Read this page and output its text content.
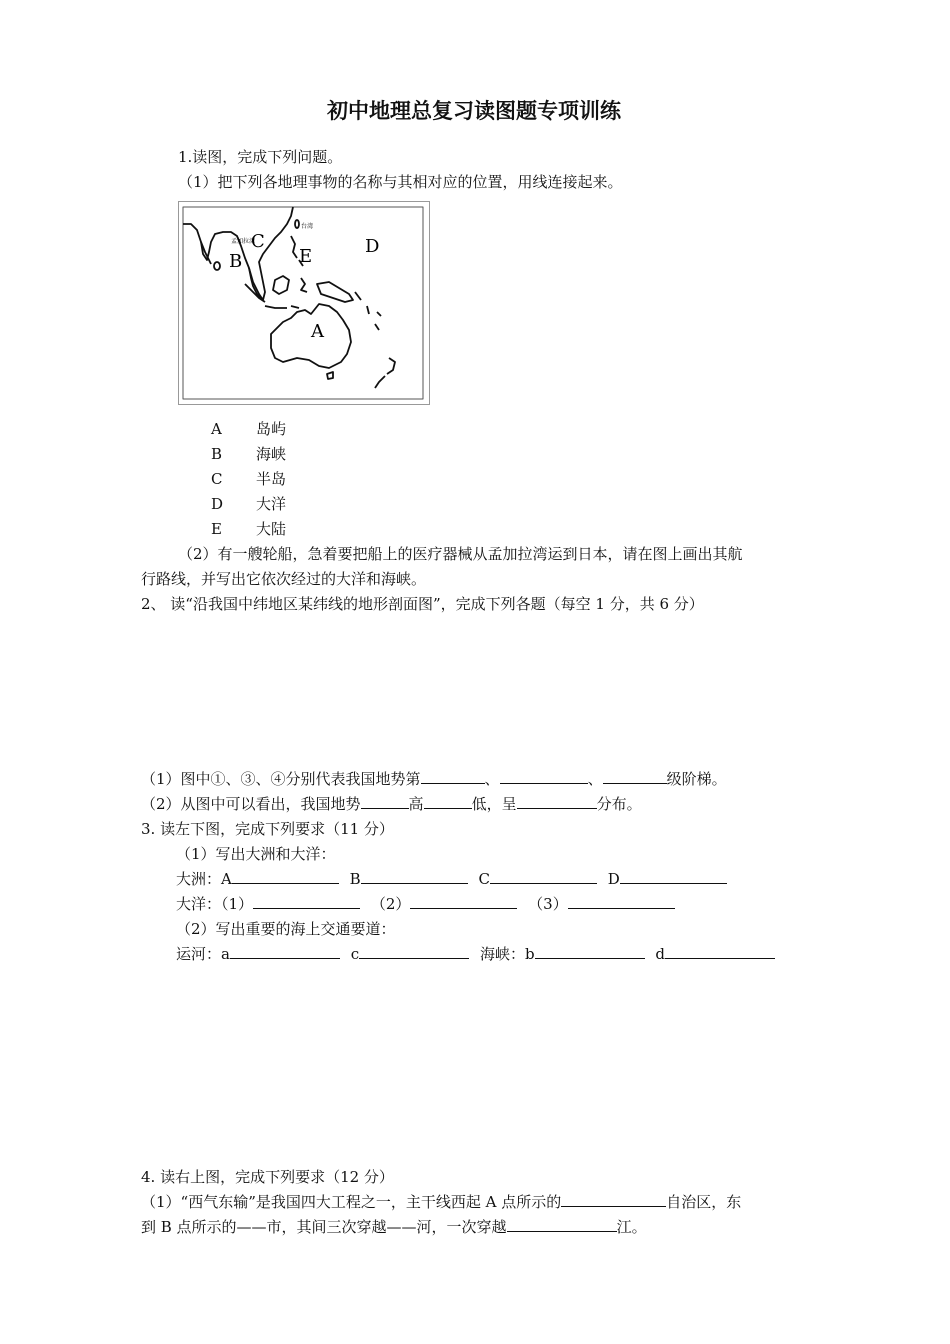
初中地理总复习读图题专项训练
1.读图，完成下列问题。
（1）把下列各地理事物的名称与其相对应的位置，用线连接起来。
孟加拉湾
台湾
B
C	D
E
A
A 岛屿
B 海峡
C 半岛
D 大洋
E 大陆
（2）有一艘轮船，急着要把船上的医疗器械从孟加拉湾运到日本，请在图上画出其航
行路线，并写出它依次经过的大洋和海峡。
2、 读“沿我国中纬地区某纬线的地形剖面图”，完成下列各题（每空 1 分，共 6 分）
（1）图中①、③、④分别代表我国地势第	、	、	级阶梯。
（2）从图中可以看出，我国地势	高	低，呈	分布。
3. 读左下图，完成下列要求（11 分）
（1）写出大洲和大洋：
大洲：A	B	C	D
大洋：（1）	（2）	（3）
（2）写出重要的海上交通要道：
运河：a	c	海峡：b	d
4. 读右上图，完成下列要求（12 分）
（1）“西气东输”是我国四大工程之一，主干线西起 A 点所示的	自治区，东
到 B 点所示的——市，其间三次穿越——河，一次穿越	江。
